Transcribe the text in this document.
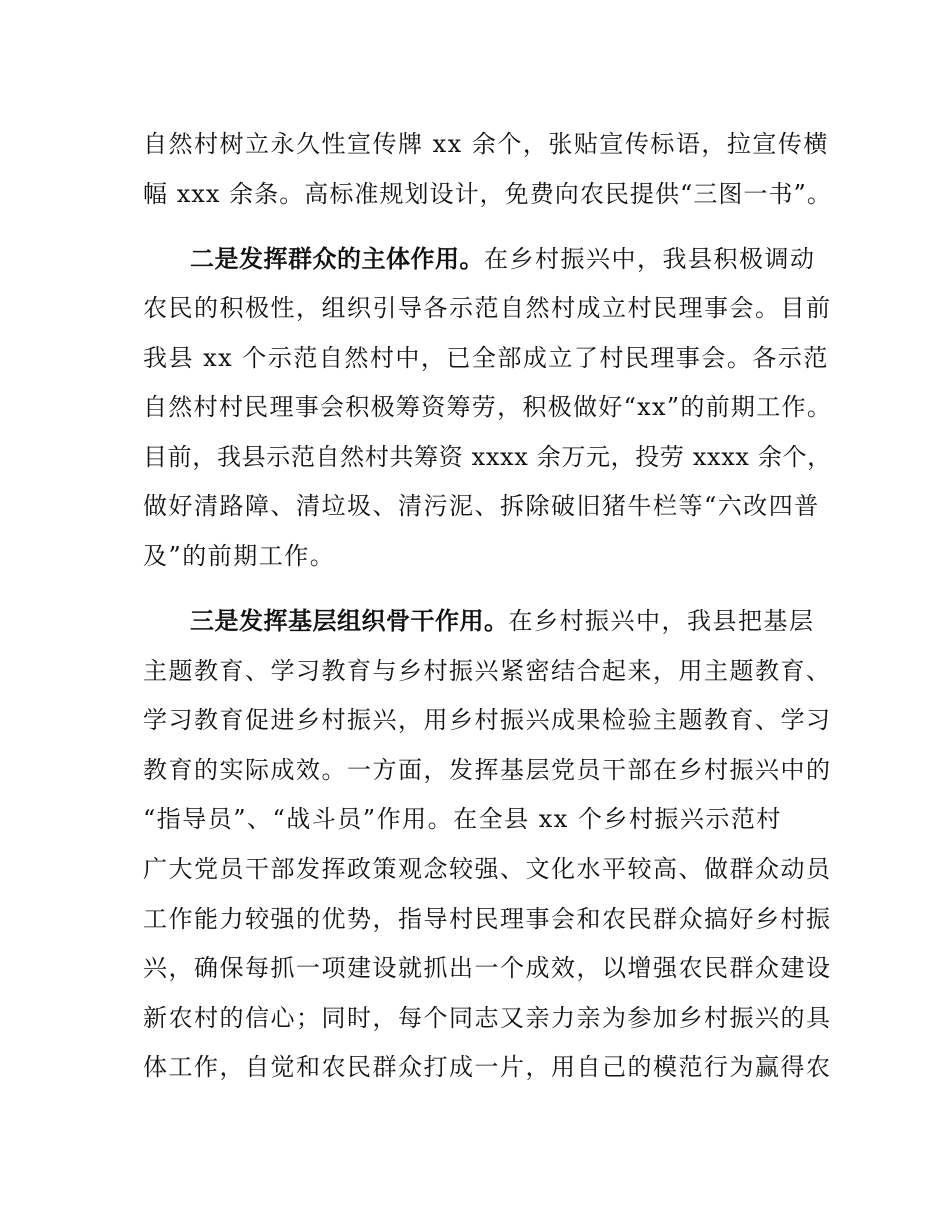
自然村树立永久性宣传牌 xx 余个，张贴宣传标语，拉宣传横
幅 xxx 余条。高标准规划设计，免费向农民提供“三图一书”。
二是发挥群众的主体作用。在乡村振兴中，我县积极调动
农民的积极性，组织引导各示范自然村成立村民理事会。目前
我县 xx 个示范自然村中，已全部成立了村民理事会。各示范
自然村村民理事会积极筹资筹劳，积极做好“xx”的前期工作。
目前，我县示范自然村共筹资 xxxx 余万元，投劳 xxxx 余个，
做好清路障、清垃圾、清污泥、拆除破旧猪牛栏等“六改四普
及”的前期工作。
三是发挥基层组织骨干作用。在乡村振兴中，我县把基层
主题教育、学习教育与乡村振兴紧密结合起来，用主题教育、
学习教育促进乡村振兴，用乡村振兴成果检验主题教育、学习
教育的实际成效。一方面，发挥基层党员干部在乡村振兴中的
“指导员”、“战斗员”作用。在全县 xx 个乡村振兴示范村
广大党员干部发挥政策观念较强、文化水平较高、做群众动员
工作能力较强的优势，指导村民理事会和农民群众搞好乡村振
兴，确保每抓一项建设就抓出一个成效，以增强农民群众建设
新农村的信心；同时，每个同志又亲力亲为参加乡村振兴的具
体工作，自觉和农民群众打成一片，用自己的模范行为赢得农
